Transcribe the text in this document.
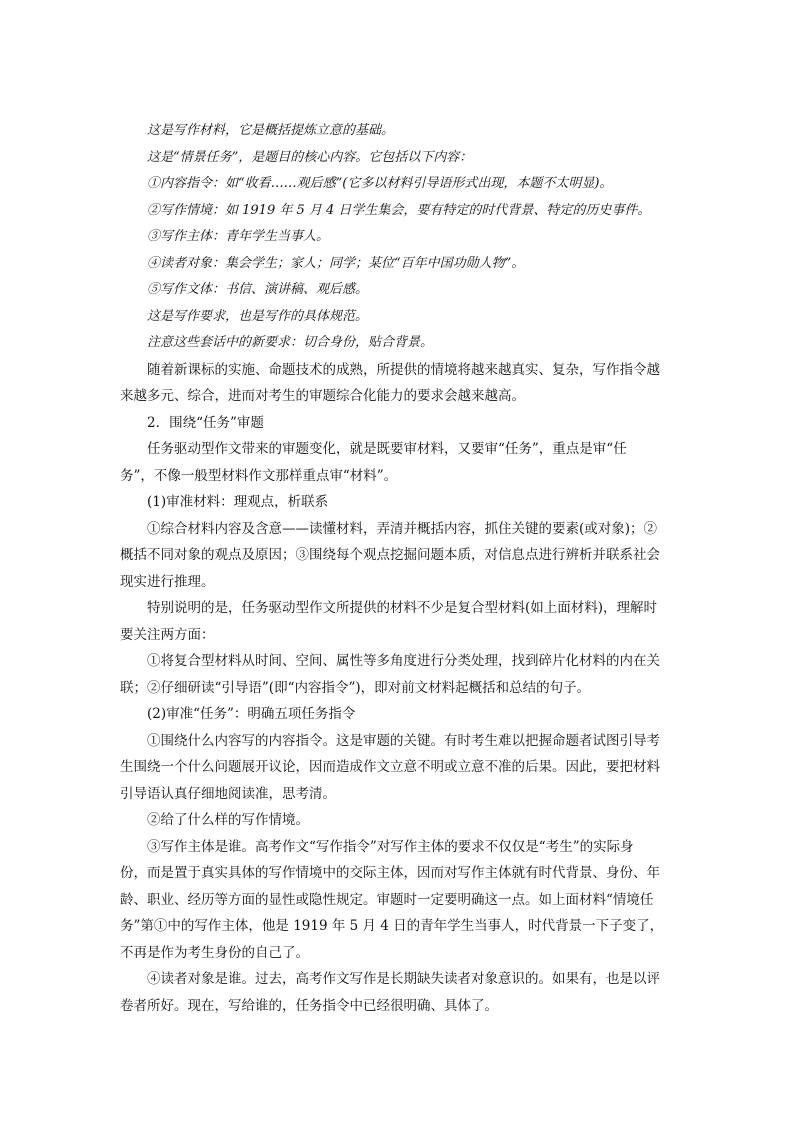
这是写作材料，它是概括提炼立意的基础。

这是“情景任务”，是题目的核心内容。它包括以下内容：

①内容指令：如“收看……观后感”(它多以材料引导语形式出现，本题不太明显)。

②写作情境：如 1919 年 5 月 4 日学生集会，要有特定的时代背景、特定的历史事件。

③写作主体：青年学生当事人。

④读者对象：集会学生；家人；同学；某位“百年中国功勋人物”。

⑤写作文体：书信、演讲稿、观后感。

这是写作要求，也是写作的具体规范。

注意这些套话中的新要求：切合身份，贴合背景。

随着新课标的实施、命题技术的成熟，所提供的情境将越来越真实、复杂，写作指令越

来越多元、综合，进而对考生的审题综合化能力的要求会越来越高。

2．围绕“任务”审题

任务驱动型作文带来的审题变化，就是既要审材料，又要审“任务”，重点是审“任

务”，不像一般型材料作文那样重点审“材料”。

(1)审准材料：理观点，析联系

①综合材料内容及含意——读懂材料，弄清并概括内容，抓住关键的要素(或对象)；②

概括不同对象的观点及原因；③围绕每个观点挖掘问题本质，对信息点进行辨析并联系社会

现实进行推理。

特别说明的是，任务驱动型作文所提供的材料不少是复合型材料(如上面材料)，理解时

要关注两方面：

①将复合型材料从时间、空间、属性等多角度进行分类处理，找到碎片化材料的内在关

联；②仔细研读“引导语”(即“内容指令”)，即对前文材料起概括和总结的句子。

(2)审准“任务”：明确五项任务指令

①围绕什么内容写的内容指令。这是审题的关键。有时考生难以把握命题者试图引导考

生围绕一个什么问题展开议论，因而造成作文立意不明或立意不准的后果。因此，要把材料

引导语认真仔细地阅读准，思考清。

②给了什么样的写作情境。

③写作主体是谁。高考作文“写作指令”对写作主体的要求不仅仅是“考生”的实际身

份，而是置于真实具体的写作情境中的交际主体，因而对写作主体就有时代背景、身份、年

龄、职业、经历等方面的显性或隐性规定。审题时一定要明确这一点。如上面材料“情境任

务”第①中的写作主体，他是 1919 年 5 月 4 日的青年学生当事人，时代背景一下子变了，

不再是作为考生身份的自己了。

④读者对象是谁。过去，高考作文写作是长期缺失读者对象意识的。如果有，也是以评

卷者所好。现在，写给谁的，任务指令中已经很明确、具体了。
